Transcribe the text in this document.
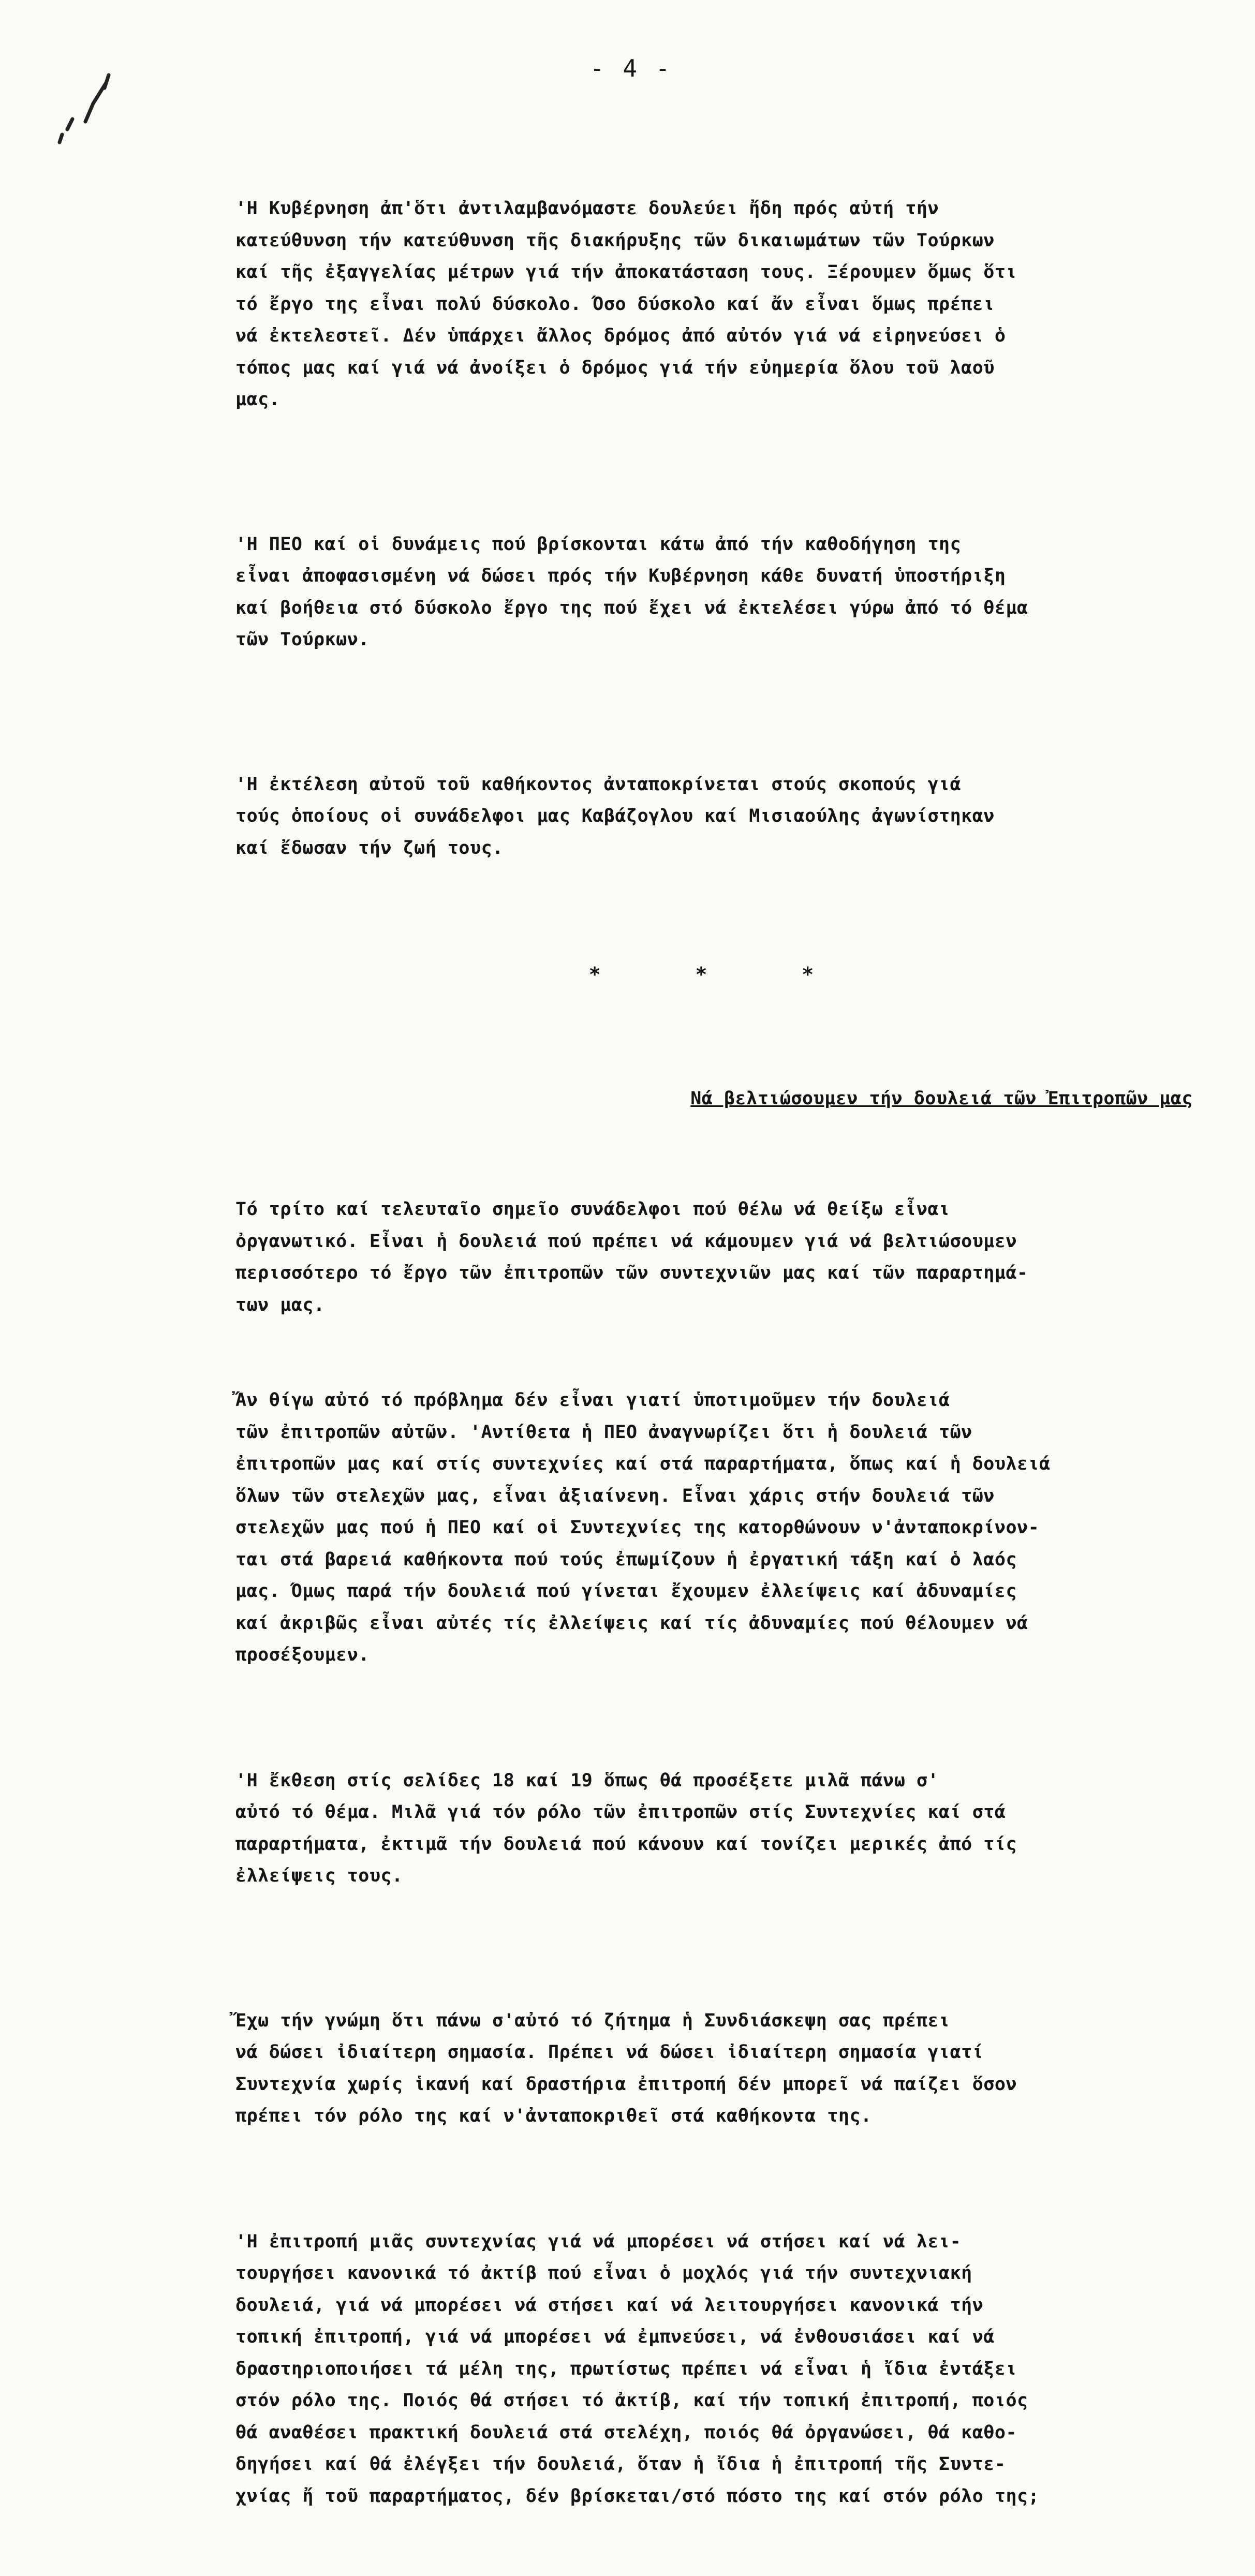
- 4 -

'Η Κυβέρνηση ἀπ'ὅτι ἀντιλαμβανόμαστε δουλεύει ἤδη πρός αὐτή τήν
κατεύθυνση τήν κατεύθυνση τῆς διακήρυξης τῶν δικαιωμάτων τῶν Τούρκων
καί τῆς ἐξαγγελίας μέτρων γιά τήν ἀποκατάσταση τους. Ξέρουμεν ὅμως ὅτι
τό ἔργο της εἶναι πολύ δύσκολο. Όσο δύσκολο καί ἄν εἶναι ὅμως πρέπει
νά ἐκτελεστεῖ. Δέν ὑπάρχει ἄλλος δρόμος ἀπό αὐτόν γιά νά εἰρηνεύσει ὁ
τόπος μας καί γιά νά ἀνοίξει ὁ δρόμος γιά τήν εὐημερία ὅλου τοῦ λαοῦ
μας.

'Η ΠΕΟ καί οἱ δυνάμεις πού βρίσκονται κάτω ἀπό τήν καθοδήγηση της
εἶναι ἀποφασισμένη νά δώσει πρός τήν Κυβέρνηση κάθε δυνατή ὑποστήριξη
καί βοήθεια στό δύσκολο ἔργο της πού ἔχει νά ἐκτελέσει γύρω ἀπό τό θέμα
τῶν Τούρκων.

'Η ἐκτέλεση αὐτοῦ τοῦ καθήκοντος ἀνταποκρίνεται στούς σκοπούς γιά
τούς ὁποίους οἱ συνάδελφοι μας Καβάζογλου καί Μισιαούλης ἀγωνίστηκαν
καί ἔδωσαν τήν ζωή τους.

* * *

Νά βελτιώσουμεν τήν δουλειά τῶν Ἐπιτροπῶν μας

Τό τρίτο καί τελευταῖο σημεῖο συνάδελφοι πού θέλω νά θείξω εἶναι
ὀργανωτικό. Εἶναι ἡ δουλειά πού πρέπει νά κάμουμεν γιά νά βελτιώσουμεν
περισσότερο τό ἔργο τῶν ἐπιτροπῶν τῶν συντεχνιῶν μας καί τῶν παραρτημά-
των μας.

Ἄν θίγω αὐτό τό πρόβλημα δέν εἶναι γιατί ὑποτιμοῦμεν τήν δουλειά
τῶν ἐπιτροπῶν αὐτῶν. 'Αντίθετα ἡ ΠΕΟ ἀναγνωρίζει ὅτι ἡ δουλειά τῶν
ἐπιτροπῶν μας καί στίς συντεχνίες καί στά παραρτήματα, ὅπως καί ἡ δουλειά
ὅλων τῶν στελεχῶν μας, εἶναι ἀξιαίνενη. Εἶναι χάρις στήν δουλειά τῶν
στελεχῶν μας πού ἡ ΠΕΟ καί οἱ Συντεχνίες της κατορθώνουν ν'ἀνταποκρίνον-
ται στά βαρειά καθήκοντα πού τούς ἐπωμίζουν ἡ ἐργατική τάξη καί ὁ λαός
μας. Όμως παρά τήν δουλειά πού γίνεται ἔχουμεν ἐλλείψεις καί ἀδυναμίες
καί ἀκριβῶς εἶναι αὐτές τίς ἐλλείψεις καί τίς ἀδυναμίες πού θέλουμεν νά
προσέξουμεν.

'Η ἔκθεση στίς σελίδες 18 καί 19 ὅπως θά προσέξετε μιλᾶ πάνω σ'
αὐτό τό θέμα. Μιλᾶ γιά τόν ρόλο τῶν ἐπιτροπῶν στίς Συντεχνίες καί στά
παραρτήματα, ἐκτιμᾶ τήν δουλειά πού κάνουν καί τονίζει μερικές ἀπό τίς
ἐλλείψεις τους.

Ἔχω τήν γνώμη ὅτι πάνω σ'αὐτό τό ζήτημα ἡ Συνδιάσκεψη σας πρέπει
νά δώσει ἰδιαίτερη σημασία. Πρέπει νά δώσει ἰδιαίτερη σημασία γιατί
Συντεχνία χωρίς ἱκανή καί δραστήρια ἐπιτροπή δέν μπορεῖ νά παίζει ὅσον
πρέπει τόν ρόλο της καί ν'ἀνταποκριθεῖ στά καθήκοντα της.

'Η ἐπιτροπή μιᾶς συντεχνίας γιά νά μπορέσει νά στήσει καί νά λει-
τουργήσει κανονικά τό ἀκτίβ πού εἶναι ὁ μοχλός γιά τήν συντεχνιακή
δουλειά, γιά νά μπορέσει νά στήσει καί νά λειτουργήσει κανονικά τήν
τοπική ἐπιτροπή, γιά νά μπορέσει νά ἐμπνεύσει, νά ἐνθουσιάσει καί νά
δραστηριοποιήσει τά μέλη της, πρωτίστως πρέπει νά εἶναι ἡ ἴδια ἐντάξει
στόν ρόλο της. Ποιός θά στήσει τό ἀκτίβ, καί τήν τοπική ἐπιτροπή, ποιός
θά αναθέσει πρακτική δουλειά στά στελέχη, ποιός θά ὀργανώσει, θά καθο-
δηγήσει καί θά ἐλέγξει τήν δουλειά, ὅταν ἡ ἴδια ἡ ἐπιτροπή τῆς Συντε-
χνίας ἤ τοῦ παραρτήματος, δέν βρίσκεται/στό πόστο της καί στόν ρόλο της;
